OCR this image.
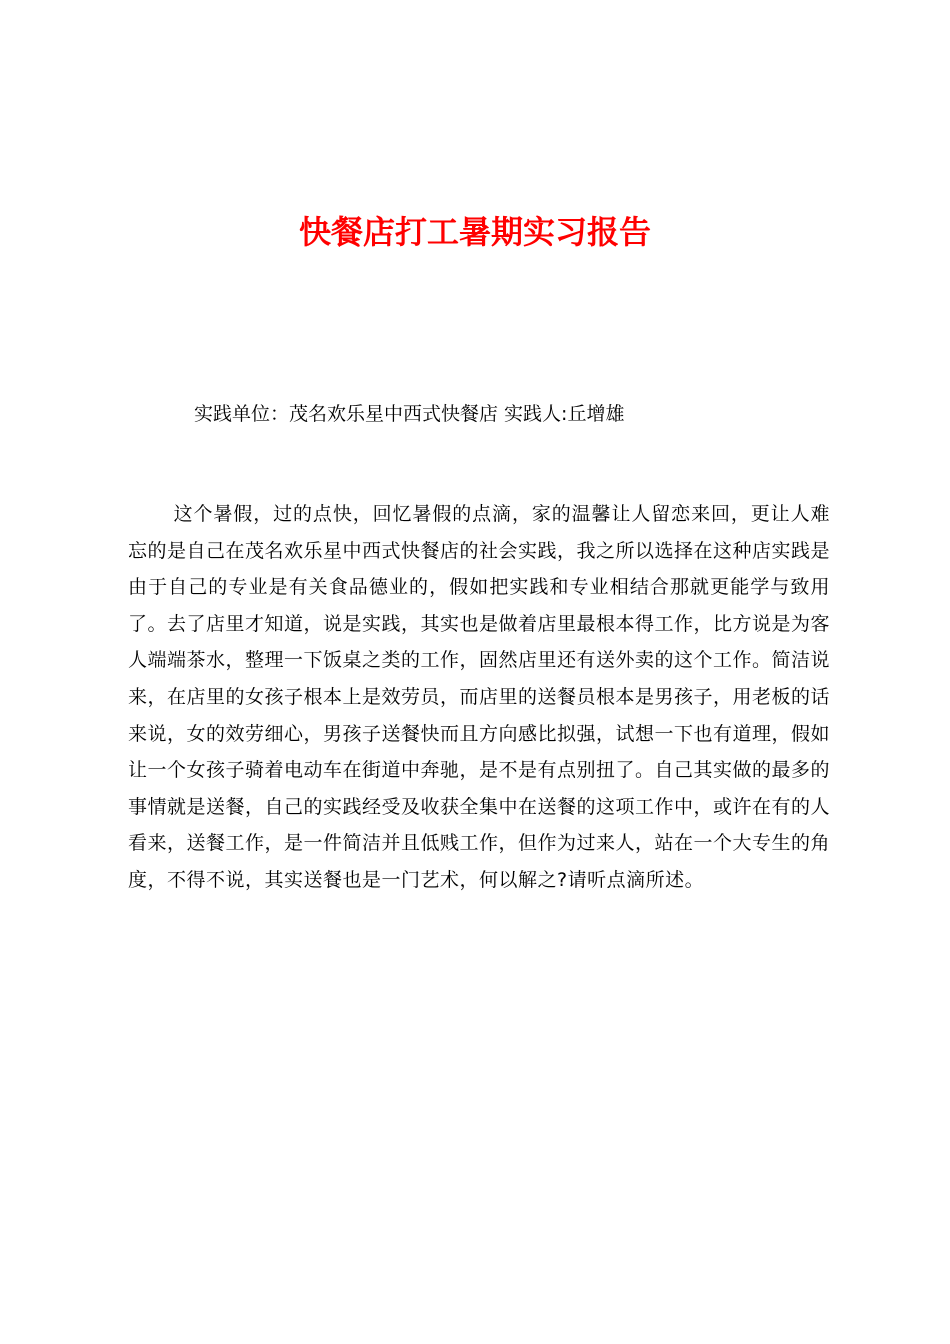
快餐店打工暑期实习报告
实践单位：茂名欢乐星中西式快餐店 实践人:丘增雄

这个暑假，过的点快，回忆暑假的点滴，家的温馨让人留恋来回，更让人难忘的是自己在茂名欢乐星中西式快餐店的社会实践，我之所以选择在这种店实践是由于自己的专业是有关食品德业的，假如把实践和专业相结合那就更能学与致用了。去了店里才知道，说是实践，其实也是做着店里最根本得工作，比方说是为客人端端茶水，整理一下饭桌之类的工作，固然店里还有送外卖的这个工作。简洁说来，在店里的女孩子根本上是效劳员，而店里的送餐员根本是男孩子，用老板的话来说，女的效劳细心，男孩子送餐快而且方向感比拟强，试想一下也有道理，假如让一个女孩子骑着电动车在街道中奔驰，是不是有点别扭了。自己其实做的最多的事情就是送餐，自己的实践经受及收获全集中在送餐的这项工作中，或许在有的人看来，送餐工作，是一件简洁并且低贱工作，但作为过来人，站在一个大专生的角度，不得不说，其实送餐也是一门艺术，何以解之?请听点滴所述。
